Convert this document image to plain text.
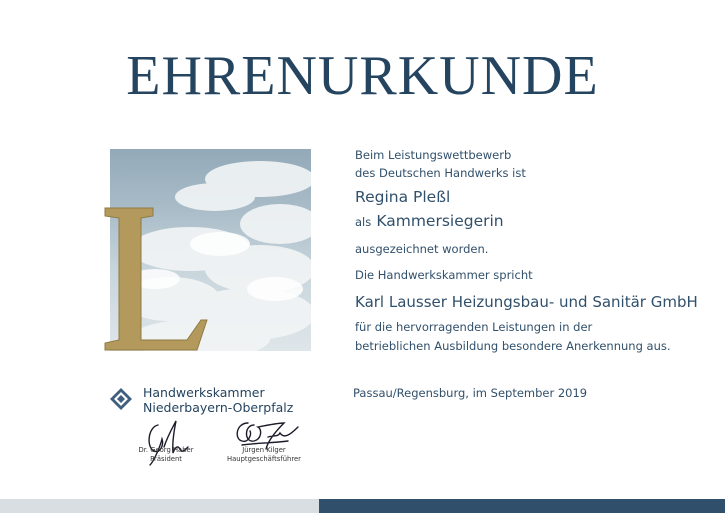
EHRENURKUNDE
Beim Leistungswettbewerb
des Deutschen Handwerks ist
Regina Pleßl
als Kammersiegerin
ausgezeichnet worden.
Die Handwerkskammer spricht
Karl Lausser Heizungsbau- und Sanitär GmbH
für die hervorragenden Leistungen in der
betrieblichen Ausbildung besondere Anerkennung aus.
Passau/Regensburg, im September 2019
Handwerkskammer
Niederbayern-Oberpfalz
Dr. Georg Haber
Präsident
Jürgen Kilger
Hauptgeschäftsführer
